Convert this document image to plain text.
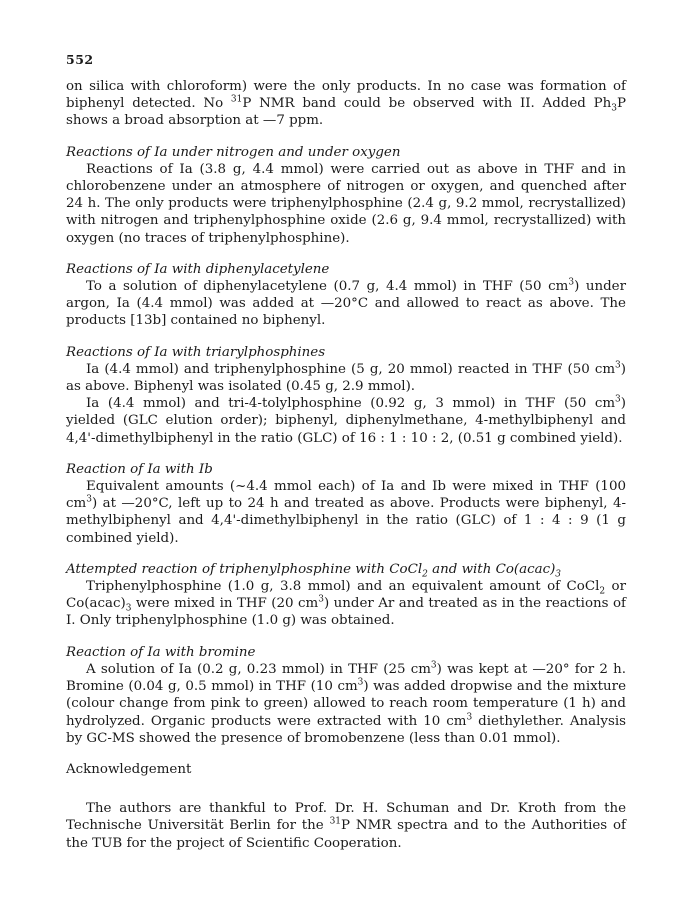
552

on silica with chloroform) were the only products. In no case was formation of biphenyl detected. No $^{31}$P NMR band could be observed with II. Added $Ph_3P$ shows a broad absorption at —7 ppm.

Reactions of Ia under nitrogen and under oxygen

Reactions of Ia (3.8 g, 4.4 mmol) were carried out as above in THF and in chlorobenzene under an atmosphere of nitrogen or oxygen, and quenched after 24 h. The only products were triphenylphosphine (2.4 g, 9.2 mmol, recrystallized) with nitrogen and triphenylphosphine oxide (2.6 g, 9.4 mmol, recrystallized) with oxygen (no traces of triphenylphosphine).

Reactions of Ia with diphenylacetylene

To a solution of diphenylacetylene (0.7 g, 4.4 mmol) in THF (50 $cm^3$) under argon, Ia (4.4 mmol) was added at —20°C and allowed to react as above. The products [13b] contained no biphenyl.

Reactions of Ia with triarylphosphines

Ia (4.4 mmol) and triphenylphosphine (5 g, 20 mmol) reacted in THF (50 $cm^3$) as above. Biphenyl was isolated (0.45 g, 2.9 mmol).

Ia (4.4 mmol) and tri-4-tolylphosphine (0.92 g, 3 mmol) in THF (50 $cm^3$) yielded (GLC elution order); biphenyl, diphenylmethane, 4-methylbiphenyl and 4,4'-dimethylbiphenyl in the ratio (GLC) of 16 : 1 : 10 : 2, (0.51 g combined yield).

Reaction of Ia with Ib

Equivalent amounts (~4.4 mmol each) of Ia and Ib were mixed in THF (100 $cm^3$) at —20°C, left up to 24 h and treated as above. Products were biphenyl, 4-methylbiphenyl and 4,4'-dimethylbiphenyl in the ratio (GLC) of 1 : 4 : 9 (1 g combined yield).

Attempted reaction of triphenylphosphine with CoCl$_2$ and with $Co(acac)_3$

Triphenylphosphine (1.0 g, 3.8 mmol) and an equivalent amount of CoCl$_2$ or $Co(acac)_3$ were mixed in THF (20 $cm^3$) under Ar and treated as in the reactions of I. Only triphenylphosphine (1.0 g) was obtained.

Reaction of Ia with bromine

A solution of Ia (0.2 g, 0.23 mmol) in THF (25 $cm^3$) was kept at —20° for 2 h. Bromine (0.04 g, 0.5 mmol) in THF (10 $cm^3$) was added dropwise and the mixture (colour change from pink to green) allowed to reach room temperature (1 h) and hydrolyzed. Organic products were extracted with 10 $cm^3$ diethylether. Analysis by GC-MS showed the presence of bromobenzene (less than 0.01 mmol).

Acknowledgement

The authors are thankful to Prof. Dr. H. Schuman and Dr. Kroth from the Technische Universität Berlin for the $^{31}$P NMR spectra and to the Authorities of the TUB for the project of Scientific Cooperation.
